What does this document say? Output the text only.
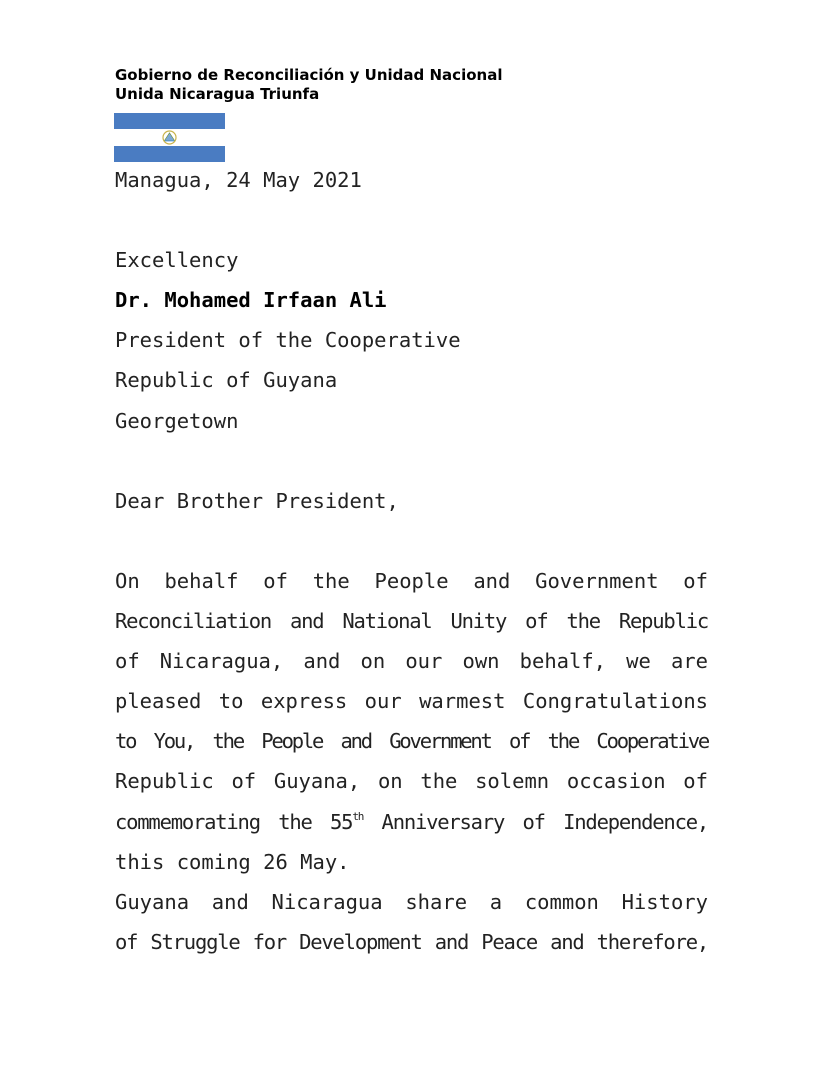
Gobierno de Reconciliación y Unidad Nacional
Unida Nicaragua Triunfa
Managua, 24 May 2021
Excellency
Dr. Mohamed Irfaan Ali
President of the Cooperative
Republic of Guyana
Georgetown
Dear Brother President,
On behalf of the People and Government of
Reconciliation and National Unity of the Republic
of Nicaragua, and on our own behalf, we are
pleased to express our warmest Congratulations
to You, the People and Government of the Cooperative
Republic of Guyana, on the solemn occasion of
commemorating the 55th Anniversary of Independence,
this coming 26 May.
Guyana and Nicaragua share a common History
of Struggle for Development and Peace and therefore,
